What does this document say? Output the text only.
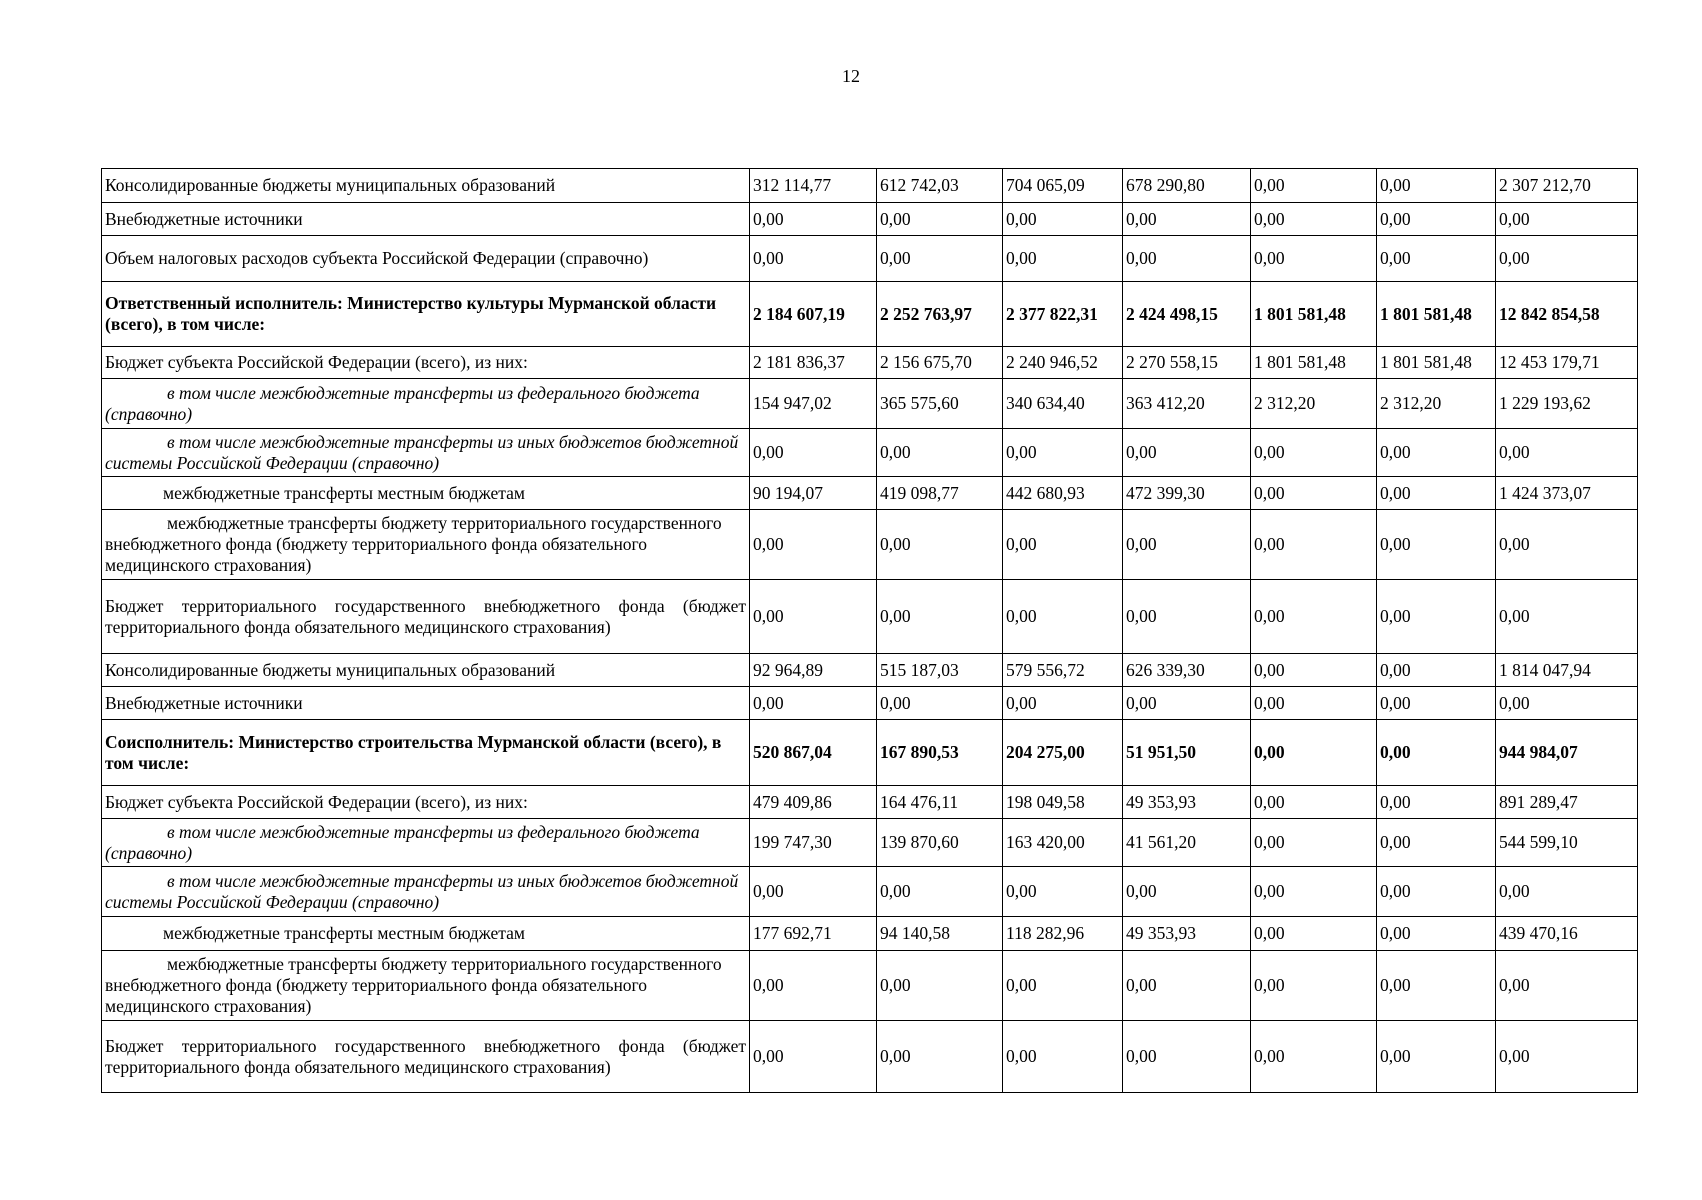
12
Консолидированные бюджеты муниципальных образований	312 114,77	612 742,03	704 065,09	678 290,80	0,00	0,00	2 307 212,70
Внебюджетные источники	0,00	0,00	0,00	0,00	0,00	0,00	0,00
Объем налоговых расходов субъекта Российской Федерации (справочно)	0,00	0,00	0,00	0,00	0,00	0,00	0,00
Ответственный исполнитель: Министерство культуры Мурманской области (всего), в том числе:	2 184 607,19	2 252 763,97	2 377 822,31	2 424 498,15	1 801 581,48	1 801 581,48	12 842 854,58
Бюджет субъекта Российской Федерации (всего), из них:	2 181 836,37	2 156 675,70	2 240 946,52	2 270 558,15	1 801 581,48	1 801 581,48	12 453 179,71
в том числе межбюджетные трансферты из федерального бюджета (справочно)	154 947,02	365 575,60	340 634,40	363 412,20	2 312,20	2 312,20	1 229 193,62
в том числе межбюджетные трансферты из иных бюджетов бюджетной системы Российской Федерации (справочно)	0,00	0,00	0,00	0,00	0,00	0,00	0,00
межбюджетные трансферты местным бюджетам	90 194,07	419 098,77	442 680,93	472 399,30	0,00	0,00	1 424 373,07
межбюджетные трансферты бюджету территориального государственного внебюджетного фонда (бюджету территориального фонда обязательного медицинского страхования)	0,00	0,00	0,00	0,00	0,00	0,00	0,00
Бюджет территориального государственного внебюджетного фонда (бюджет территориального фонда обязательного медицинского страхования)	0,00	0,00	0,00	0,00	0,00	0,00	0,00
Консолидированные бюджеты муниципальных образований	92 964,89	515 187,03	579 556,72	626 339,30	0,00	0,00	1 814 047,94
Внебюджетные источники	0,00	0,00	0,00	0,00	0,00	0,00	0,00
Соисполнитель: Министерство строительства Мурманской области (всего), в том числе:	520 867,04	167 890,53	204 275,00	51 951,50	0,00	0,00	944 984,07
Бюджет субъекта Российской Федерации (всего), из них:	479 409,86	164 476,11	198 049,58	49 353,93	0,00	0,00	891 289,47
в том числе межбюджетные трансферты из федерального бюджета (справочно)	199 747,30	139 870,60	163 420,00	41 561,20	0,00	0,00	544 599,10
в том числе межбюджетные трансферты из иных бюджетов бюджетной системы Российской Федерации (справочно)	0,00	0,00	0,00	0,00	0,00	0,00	0,00
межбюджетные трансферты местным бюджетам	177 692,71	94 140,58	118 282,96	49 353,93	0,00	0,00	439 470,16
межбюджетные трансферты бюджету территориального государственного внебюджетного фонда (бюджету территориального фонда обязательного медицинского страхования)	0,00	0,00	0,00	0,00	0,00	0,00	0,00
Бюджет территориального государственного внебюджетного фонда (бюджет территориального фонда обязательного медицинского страхования)	0,00	0,00	0,00	0,00	0,00	0,00	0,00
